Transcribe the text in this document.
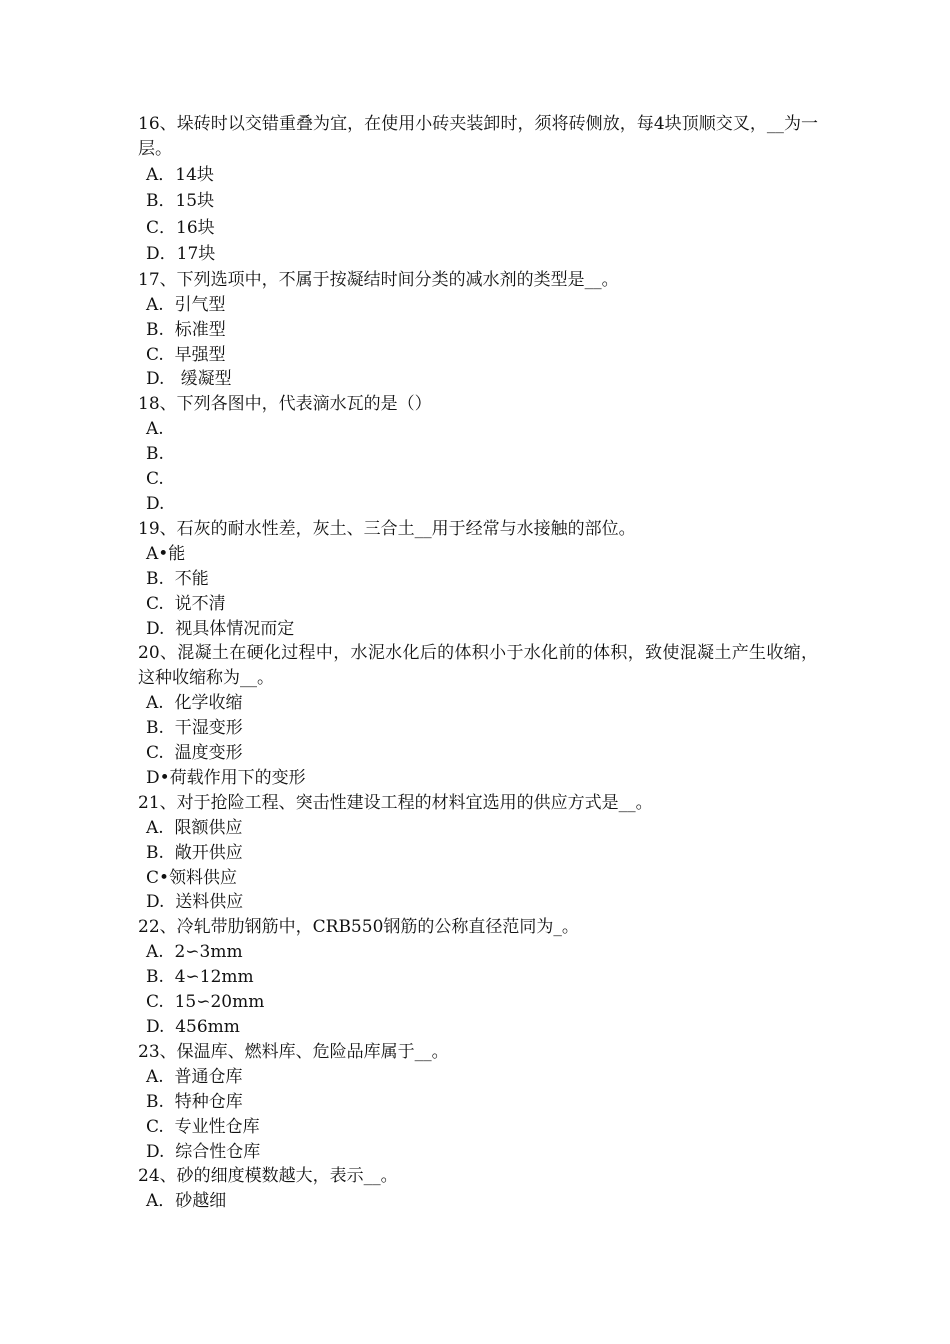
16、垛砖时以交错重叠为宜，在使用小砖夹装卸时，须将砖侧放，每4块顶顺交叉，__为一层。

A．14块
B．15块
C．16块
D．17块

17、下列选项中，不属于按凝结时间分类的减水剂的类型是__。

A.  引气型
B.  标准型
C.  早强型
D.   缓凝型

18、下列各图中，代表滴水瓦的是（）

A.
B.
C.
D.

19、石灰的耐水性差，灰土、三合土__用于经常与水接触的部位。

A•能
B.  不能
C.  说不清
D.  视具体情况而定

20、混凝土在硬化过程中，水泥水化后的体积小于水化前的体积，致使混凝土产生收缩，这种收缩称为__。

A.  化学收缩
B.  干湿变形
C.  温度变形
D•荷载作用下的变形

21、对于抢险工程、突击性建设工程的材料宜选用的供应方式是__。

A.  限额供应
B.  敞开供应
C•领料供应
D.  送料供应

22、冷轧带肋钢筋中，CRB550钢筋的公称直径范同为_。

A.  2∽3mm
B.  4∽12mm
C.  15∽20mm
D.  456mm

23、保温库、燃料库、危险品库属于__。

A.  普通仓库
B.  特种仓库
C.  专业性仓库
D.  综合性仓库

24、砂的细度模数越大，表示__。

A．砂越细
